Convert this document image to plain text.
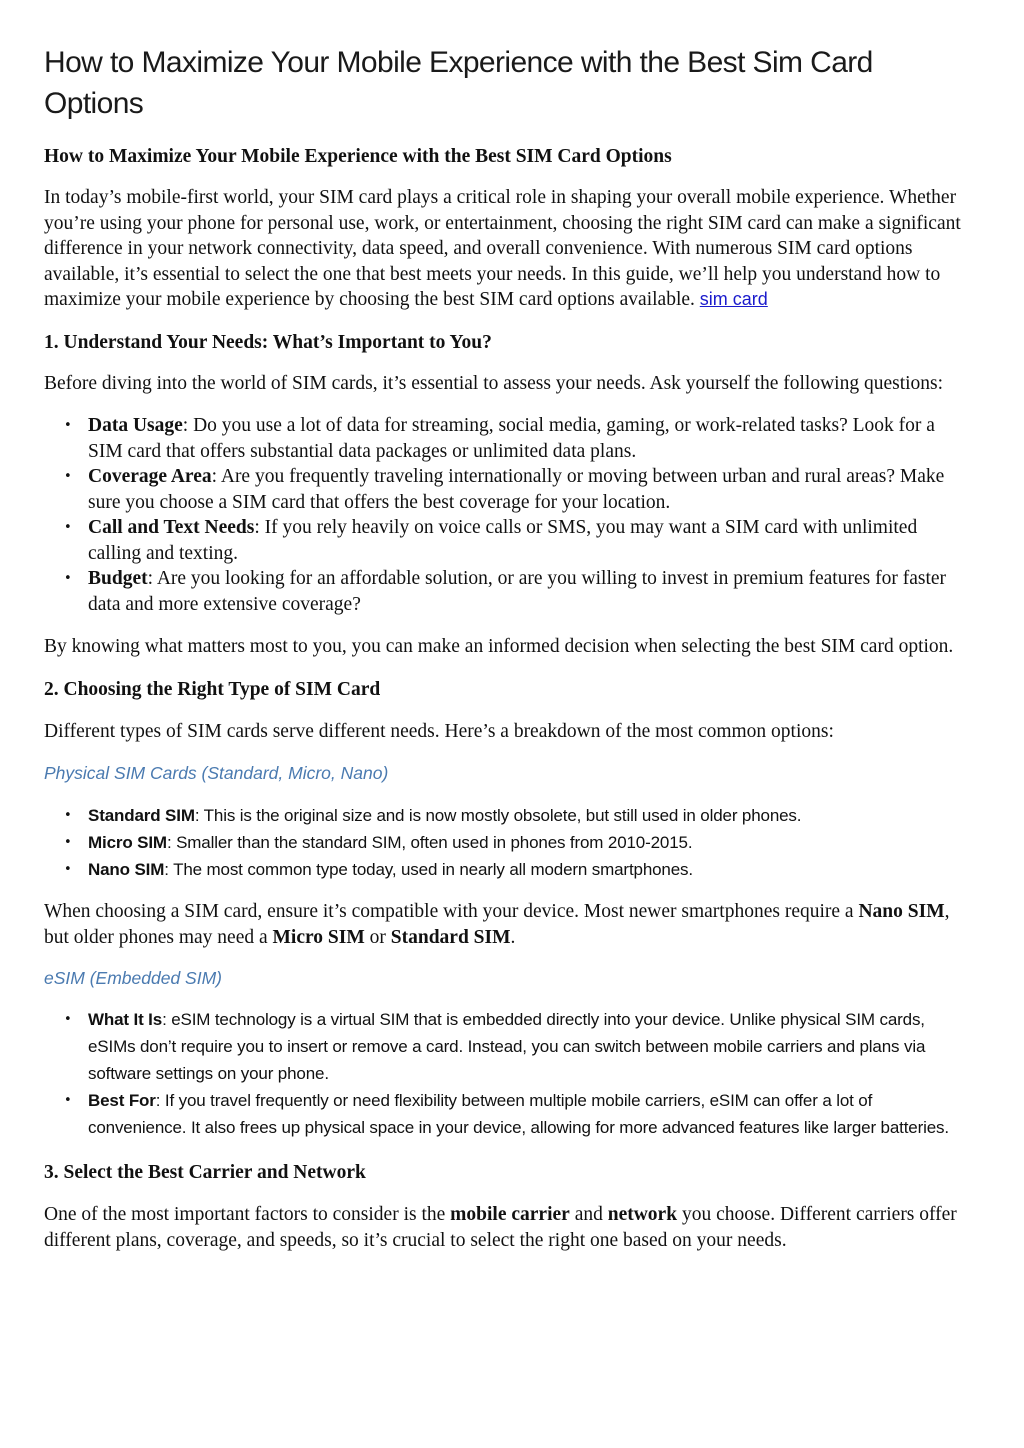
How to Maximize Your Mobile Experience with the Best Sim Card Options
How to Maximize Your Mobile Experience with the Best SIM Card Options

In today’s mobile-first world, your SIM card plays a critical role in shaping your overall mobile experience. Whether you’re using your phone for personal use, work, or entertainment, choosing the right SIM card can make a significant difference in your network connectivity, data speed, and overall convenience. With numerous SIM card options available, it’s essential to select the one that best meets your needs. In this guide, we’ll help you understand how to maximize your mobile experience by choosing the best SIM card options available. sim card

1. Understand Your Needs: What’s Important to You?

Before diving into the world of SIM cards, it’s essential to assess your needs. Ask yourself the following questions:

• Data Usage: Do you use a lot of data for streaming, social media, gaming, or work-related tasks? Look for a SIM card that offers substantial data packages or unlimited data plans.
• Coverage Area: Are you frequently traveling internationally or moving between urban and rural areas? Make sure you choose a SIM card that offers the best coverage for your location.
• Call and Text Needs: If you rely heavily on voice calls or SMS, you may want a SIM card with unlimited calling and texting.
• Budget: Are you looking for an affordable solution, or are you willing to invest in premium features for faster data and more extensive coverage?

By knowing what matters most to you, you can make an informed decision when selecting the best SIM card option.

2. Choosing the Right Type of SIM Card

Different types of SIM cards serve different needs. Here’s a breakdown of the most common options:

Physical SIM Cards (Standard, Micro, Nano)

• Standard SIM: This is the original size and is now mostly obsolete, but still used in older phones.
• Micro SIM: Smaller than the standard SIM, often used in phones from 2010-2015.
• Nano SIM: The most common type today, used in nearly all modern smartphones.

When choosing a SIM card, ensure it’s compatible with your device. Most newer smartphones require a Nano SIM, but older phones may need a Micro SIM or Standard SIM.

eSIM (Embedded SIM)

• What It Is: eSIM technology is a virtual SIM that is embedded directly into your device. Unlike physical SIM cards, eSIMs don’t require you to insert or remove a card. Instead, you can switch between mobile carriers and plans via software settings on your phone.
• Best For: If you travel frequently or need flexibility between multiple mobile carriers, eSIM can offer a lot of convenience. It also frees up physical space in your device, allowing for more advanced features like larger batteries.
3. Select the Best Carrier and Network

One of the most important factors to consider is the mobile carrier and network you choose. Different carriers offer different plans, coverage, and speeds, so it’s crucial to select the right one based on your needs.
